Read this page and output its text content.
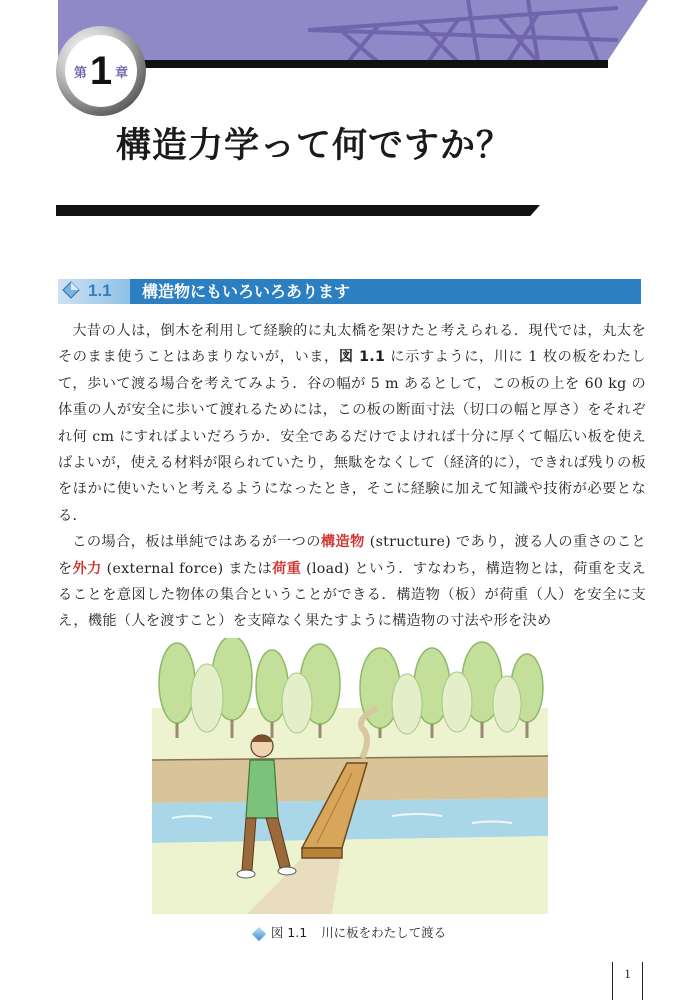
第 1 章
構造力学って何ですか？
1.1	構造物にもいろいろあります

大昔の人は，倒木を利用して経験的に丸太橋を架けたと考えられる．現代では，丸太をそのまま使うことはあまりないが，いま，図 1.1 に示すように，川に 1 枚の板をわたして，歩いて渡る場合を考えてみよう．谷の幅が 5 m あるとして，この板の上を 60 kg の体重の人が安全に歩いて渡れるためには，この板の断面寸法（切口の幅と厚さ）をそれぞれ何 cm にすればよいだろうか．安全であるだけでよければ十分に厚くて幅広い板を使えばよいが，使える材料が限られていたり，無駄をなくして（経済的に），できれば残りの板をほかに使いたいと考えるようになったとき，そこに経験に加えて知識や技術が必要となる．

この場合，板は単純ではあるが一つの構造物 (structure) であり，渡る人の重さのことを外力 (external force) または荷重 (load) という．すなわち，構造物とは，荷重を支えることを意図した物体の集合ということができる．構造物（板）が荷重（人）を安全に支え，機能（人を渡すこと）を支障なく果たすように構造物の寸法や形を決め

図 1.1 川に板をわたして渡る
1
